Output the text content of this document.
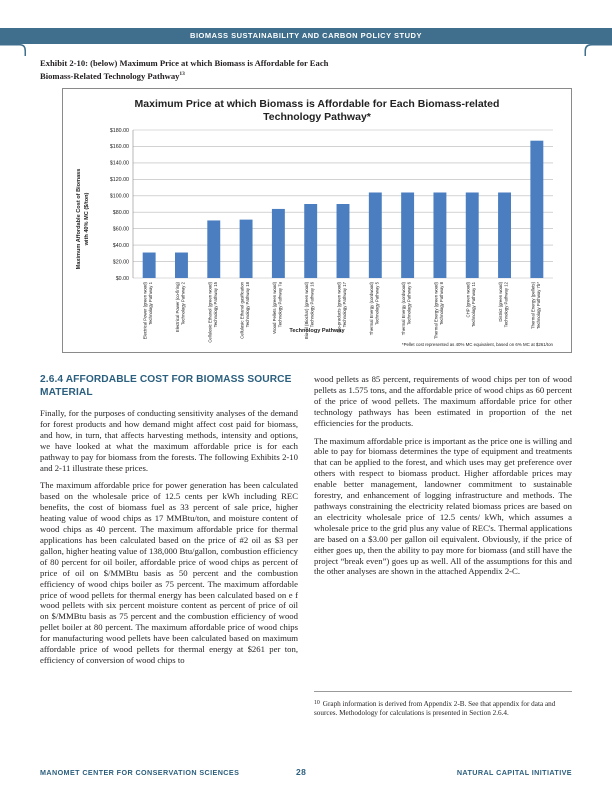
BIOMASS SUSTAINABILITY AND CARBON POLICY STUDY
Exhibit 2-10: (below) Maximum Price at which Biomass is Affordable for Each Biomass-Related Technology Pathway$^{13}$
Maximum Price at which Biomass is Affordable for Each Biomass-related
Technology Pathway*
Maximum Affordable Cost of Biomass with 40% MC ($/ton)
$0.00
$20.00
$40.00
$60.00
$80.00
$100.00
$120.00
$140.00
$160.00
$180.00
Electrical Power (green wood) Technology Pathway 1	Electrical Power (co-firing) Technology Pathway 2	Cellulosic Ethanol (green wood) Technology Pathway 15	Cellulosic Ethanol gasification Technology Pathway 18	Wood Pellets (green wood) Technology Pathway 7a	Bio-oil (Biochar) (green wood) Technology Pathway 16	Bio-products (green wood) Technology Pathway 17	Thermal Energy (cordwood) Technology Pathway 5	Thermal Energy (cordwood) Technology Pathway 6	Thermal Energy (green wood) Technology Pathway 8	CHP (green wood) Technology Pathway 11	District (green wood) Technology Pathway 12	Thermal Energy (pellets) Technology Pathway 7b*
Technology Pathway
*Pellet cost represented as 40% MC equivalent, based on 6% MC at $261/ton
2.6.4 AFFORDABLE COST FOR BIOMASS SOURCE MATERIAL

Finally, for the purposes of conducting sensitivity analyses of the demand for forest products and how demand might affect cost paid for biomass, and how, in turn, that affects harvesting methods, intensity and options, we have looked at what the maximum affordable price is for each pathway to pay for biomass from the forests. The following Exhibits 2-10 and 2-11 illustrate these prices.

The maximum affordable price for power generation has been calculated based on the wholesale price of 12.5 cents per kWh including REC benefits, the cost of biomass fuel as 33 percent of sale price, higher heating value of wood chips as 17 MMBtu/ton, and moisture content of wood chips as 40 percent. The maximum affordable price for thermal applications has been calculated based on the price of #2 oil as $3 per gallon, higher heating value of 138,000 Btu/gallon, combustion efficiency of 80 percent for oil boiler, affordable price of wood chips as percent of price of oil on $/MMBtu basis as 50 percent and the combustion efficiency of wood chips boiler as 75 percent. The maximum affordable price of wood pellets for thermal energy has been calculated based on e f wood pellets with six percent moisture content as percent of price of oil on $/MMBtu basis as 75 percent and the combustion efficiency of wood pellet boiler at 80 percent. The maximum affordable price of wood chips for manufacturing wood pellets have been calculated based on maximum affordable price of wood pellets for thermal energy at $261 per ton, efficiency of conversion of wood chips to

wood pellets as 85 percent, requirements of wood chips per ton of wood pellets as 1.575 tons, and the affordable price of wood chips as 60 percent of the price of wood pellets. The maximum affordable price for other technology pathways has been estimated in proportion of the net efficiencies for the products.

The maximum affordable price is important as the price one is willing and able to pay for biomass determines the type of equipment and treatments that can be applied to the forest, and which uses may get preference over others with respect to biomass product. Higher affordable prices may enable better management, landowner commitment to sustainable forestry, and enhancement of logging infrastructure and methods. The pathways constraining the electricity related biomass prices are based on an electricity wholesale price of 12.5 cents/ kWh, which assumes a wholesale price to the grid plus any value of REC's. Thermal applications are based on a $3.00 per gallon oil equivalent. Obviously, if the price of either goes up, then the ability to pay more for biomass (and still have the project “break even”) goes up as well. All of the assumptions for this and the other analyses are shown in the attached Appendix 2-C.

$^{10}$ Graph information is derived from Appendix 2-B. See that appendix for data and sources. Methodology for calculations is presented in Section 2.6.4.
MANOMET CENTER FOR CONSERVATION SCIENCES	28	NATURAL CAPITAL INITIATIVE
